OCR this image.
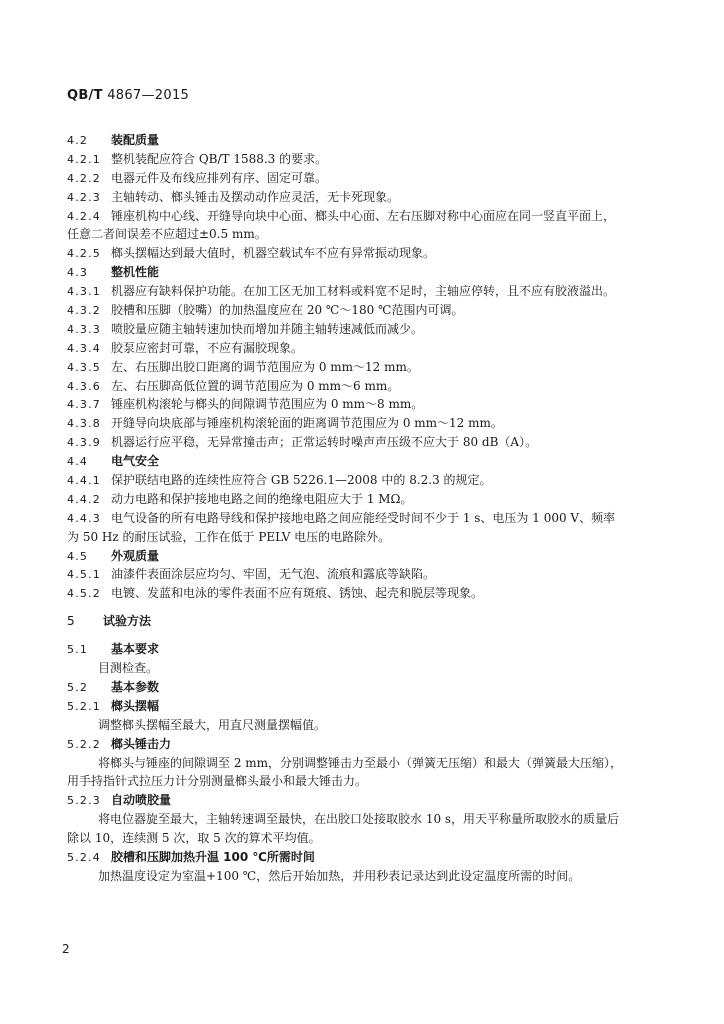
QB/T 4867—2015
4.2 装配质量
4.2.1 整机装配应符合 QB/T 1588.3 的要求。
4.2.2 电器元件及布线应排列有序、固定可靠。
4.2.3 主轴转动、榔头锤击及摆动动作应灵活，无卡死现象。
4.2.4 锤座机构中心线、开缝导向块中心面、榔头中心面、左右压脚对称中心面应在同一竖直平面上，
任意二者间误差不应超过±0.5 mm。
4.2.5 榔头摆幅达到最大值时，机器空载试车不应有异常振动现象。
4.3 整机性能
4.3.1 机器应有缺料保护功能。在加工区无加工材料或料宽不足时，主轴应停转，且不应有胶液溢出。
4.3.2 胶槽和压脚（胶嘴）的加热温度应在 20 ℃～180 ℃范围内可调。
4.3.3 喷胶量应随主轴转速加快而增加并随主轴转速减低而减少。
4.3.4 胶泵应密封可靠，不应有漏胶现象。
4.3.5 左、右压脚出胶口距离的调节范围应为 0 mm～12 mm。
4.3.6 左、右压脚高低位置的调节范围应为 0 mm～6 mm。
4.3.7 锤座机构滚轮与榔头的间隙调节范围应为 0 mm～8 mm。
4.3.8 开缝导向块底部与锤座机构滚轮面的距离调节范围应为 0 mm～12 mm。
4.3.9 机器运行应平稳，无异常撞击声；正常运转时噪声声压级不应大于 80 dB（A）。
4.4 电气安全
4.4.1 保护联结电路的连续性应符合 GB 5226.1—2008 中的 8.2.3 的规定。
4.4.2 动力电路和保护接地电路之间的绝缘电阻应大于 1 MΩ。
4.4.3 电气设备的所有电路导线和保护接地电路之间应能经受时间不少于 1 s、电压为 1 000 V、频率
为 50 Hz 的耐压试验，工作在低于 PELV 电压的电路除外。
4.5 外观质量
4.5.1 油漆件表面涂层应均匀、牢固，无气泡、流痕和露底等缺陷。
4.5.2 电镀、发蓝和电泳的零件表面不应有斑痕、锈蚀、起壳和脱层等现象。
5 试验方法
5.1 基本要求
目测检查。
5.2 基本参数
5.2.1 榔头摆幅
调整榔头摆幅至最大，用直尺测量摆幅值。
5.2.2 榔头锤击力
将榔头与锤座的间隙调至 2 mm，分别调整锤击力至最小（弹簧无压缩）和最大（弹簧最大压缩），
用手持指针式拉压力计分别测量榔头最小和最大锤击力。
5.2.3 自动喷胶量
将电位器旋至最大，主轴转速调至最快，在出胶口处接取胶水 10 s，用天平称量所取胶水的质量后
除以 10，连续测 5 次，取 5 次的算术平均值。
5.2.4 胶槽和压脚加热升温 100 ℃所需时间
加热温度设定为室温+100 ℃，然后开始加热，并用秒表记录达到此设定温度所需的时间。
2
